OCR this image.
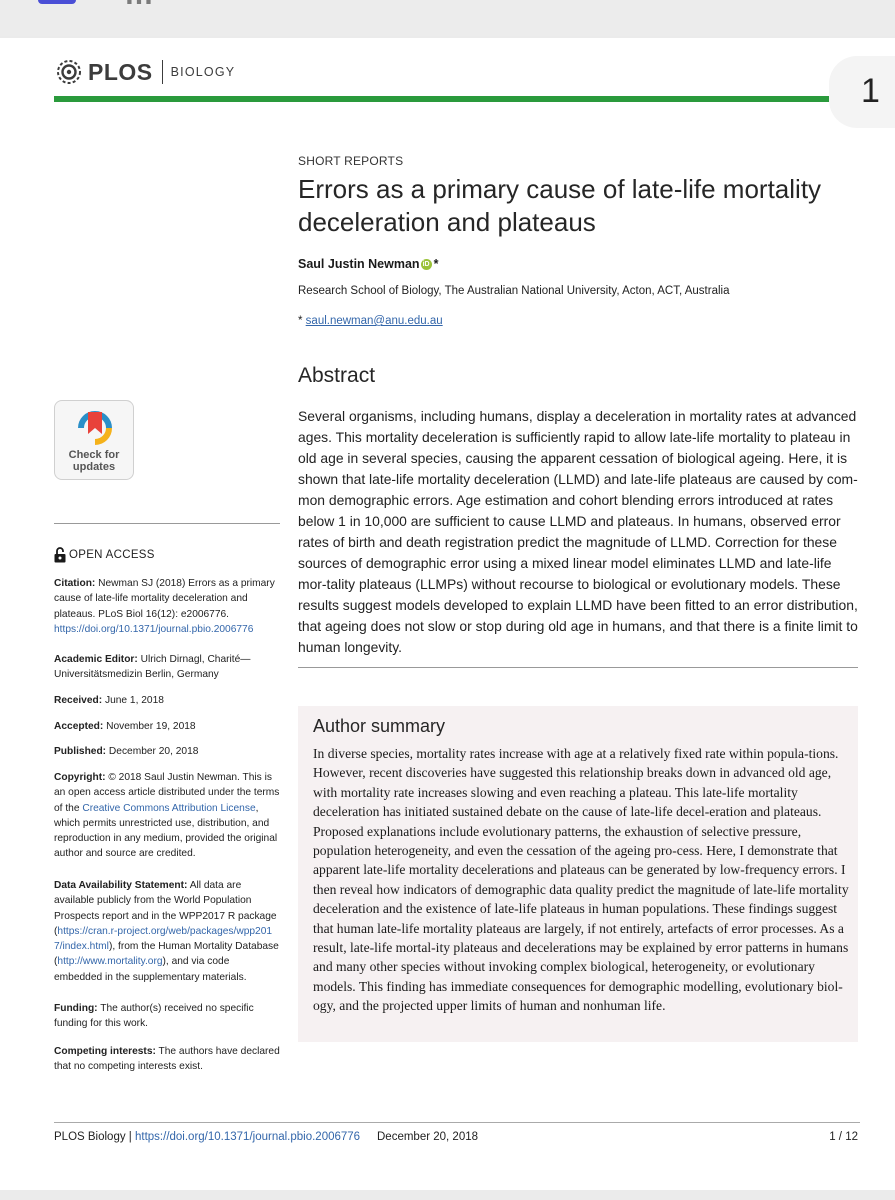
PLOS BIOLOGY	1
SHORT REPORTS
Errors as a primary cause of late-life mortality deceleration and plateaus
Saul Justin Newman iD *
Research School of Biology, The Australian National University, Acton, ACT, Australia
* saul.newman@anu.edu.au
Abstract

Several organisms, including humans, display a deceleration in mortality rates at advanced ages. This mortality deceleration is sufficiently rapid to allow late-life mortality to plateau in old age in several species, causing the apparent cessation of biological ageing. Here, it is shown that late-life mortality deceleration (LLMD) and late-life plateaus are caused by com-mon demographic errors. Age estimation and cohort blending errors introduced at rates below 1 in 10,000 are sufficient to cause LLMD and plateaus. In humans, observed error rates of birth and death registration predict the magnitude of LLMD. Correction for these sources of demographic error using a mixed linear model eliminates LLMD and late-life mor-tality plateaus (LLMPs) without recourse to biological or evolutionary models. These results suggest models developed to explain LLMD have been fitted to an error distribution, that ageing does not slow or stop during old age in humans, and that there is a finite limit to human longevity.

Author summary

In diverse species, mortality rates increase with age at a relatively fixed rate within popula-tions. However, recent discoveries have suggested this relationship breaks down in advanced old age, with mortality rate increases slowing and even reaching a plateau. This late-life mortality deceleration has initiated sustained debate on the cause of late-life decel-eration and plateaus. Proposed explanations include evolutionary patterns, the exhaustion of selective pressure, population heterogeneity, and even the cessation of the ageing pro-cess. Here, I demonstrate that apparent late-life mortality decelerations and plateaus can be generated by low-frequency errors. I then reveal how indicators of demographic data quality predict the magnitude of late-life mortality deceleration and the existence of late-life plateaus in human populations. These findings suggest that human late-life mortality plateaus are largely, if not entirely, artefacts of error processes. As a result, late-life mortal-ity plateaus and decelerations may be explained by error patterns in humans and many other species without invoking complex biological, heterogeneity, or evolutionary models. This finding has immediate consequences for demographic modelling, evolutionary biol-ogy, and the projected upper limits of human and nonhuman life.

Check for
updates
OPEN ACCESS

Citation: Newman SJ (2018) Errors as a primary cause of late-life mortality deceleration and plateaus. PLoS Biol 16(12): e2006776. https://doi.org/10.1371/journal.pbio.2006776

Academic Editor: Ulrich Dirnagl, Charité—Universitätsmedizin Berlin, Germany

Received: June 1, 2018

Accepted: November 19, 2018

Published: December 20, 2018

Copyright: © 2018 Saul Justin Newman. This is an open access article distributed under the terms of the Creative Commons Attribution License, which permits unrestricted use, distribution, and reproduction in any medium, provided the original author and source are credited.

Data Availability Statement: All data are available publicly from the World Population Prospects report and in the WPP2017 R package (https://cran.r-project.org/web/packages/wpp2017/index.html), from the Human Mortality Database (http://www.mortality.org), and via code embedded in the supplementary materials.

Funding: The author(s) received no specific funding for this work.

Competing interests: The authors have declared that no competing interests exist.

PLOS Biology | https://doi.org/10.1371/journal.pbio.2006776 December 20, 2018	1 / 12
